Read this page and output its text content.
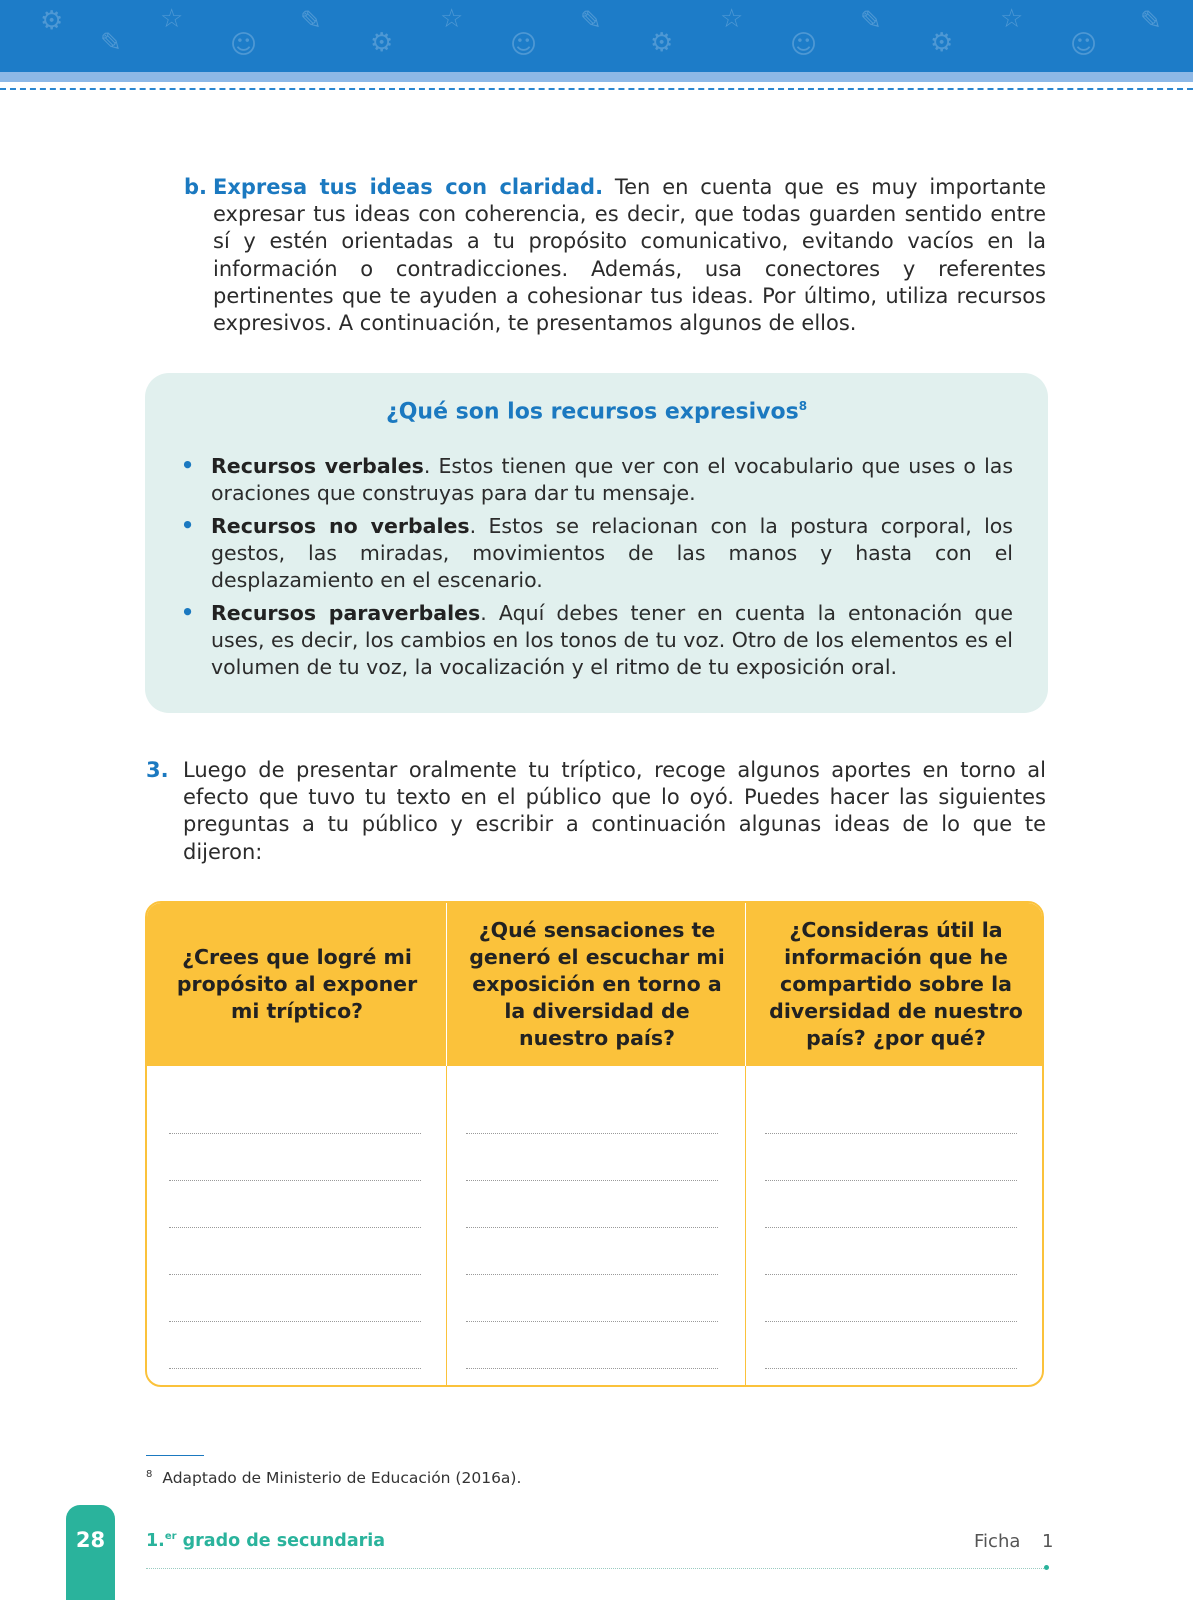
⚙
✎
☆
☺
✎
⚙
☆
☺
✎
⚙
☆
☺
✎
⚙
☆
☺
✎
b. Expresa tus ideas con claridad. Ten en cuenta que es muy importante expresar tus ideas con coherencia, es decir, que todas guarden sentido entre sí y estén orientadas a tu propósito comunicativo, evitando vacíos en la información o contradicciones. Además, usa conectores y referentes pertinentes que te ayuden a cohesionar tus ideas. Por último, utiliza recursos expresivos. A continuación, te presentamos algunos de ellos.
¿Qué son los recursos expresivos$^8$
• Recursos verbales. Estos tienen que ver con el vocabulario que uses o las oraciones que construyas para dar tu mensaje.
• Recursos no verbales. Estos se relacionan con la postura corporal, los gestos, las miradas, movimientos de las manos y hasta con el desplazamiento en el escenario.
• Recursos paraverbales. Aquí debes tener en cuenta la entonación que uses, es decir, los cambios en los tonos de tu voz. Otro de los elementos es el volumen de tu voz, la vocalización y el ritmo de tu exposición oral.
3. Luego de presentar oralmente tu tríptico, recoge algunos aportes en torno al efecto que tuvo tu texto en el público que lo oyó. Puedes hacer las siguientes preguntas a tu público y escribir a continuación algunas ideas de lo que te dijeron:
¿Crees que logré mi propósito al exponer mi tríptico?
¿Qué sensaciones te generó el escuchar mi exposición en torno a la diversidad de nuestro país?
¿Consideras útil la información que he compartido sobre la diversidad de nuestro país? ¿por qué?
$^8$ Adaptado de Ministerio de Educación (2016a).
28	1.$^{er}$ grado de secundaria	Ficha 1
